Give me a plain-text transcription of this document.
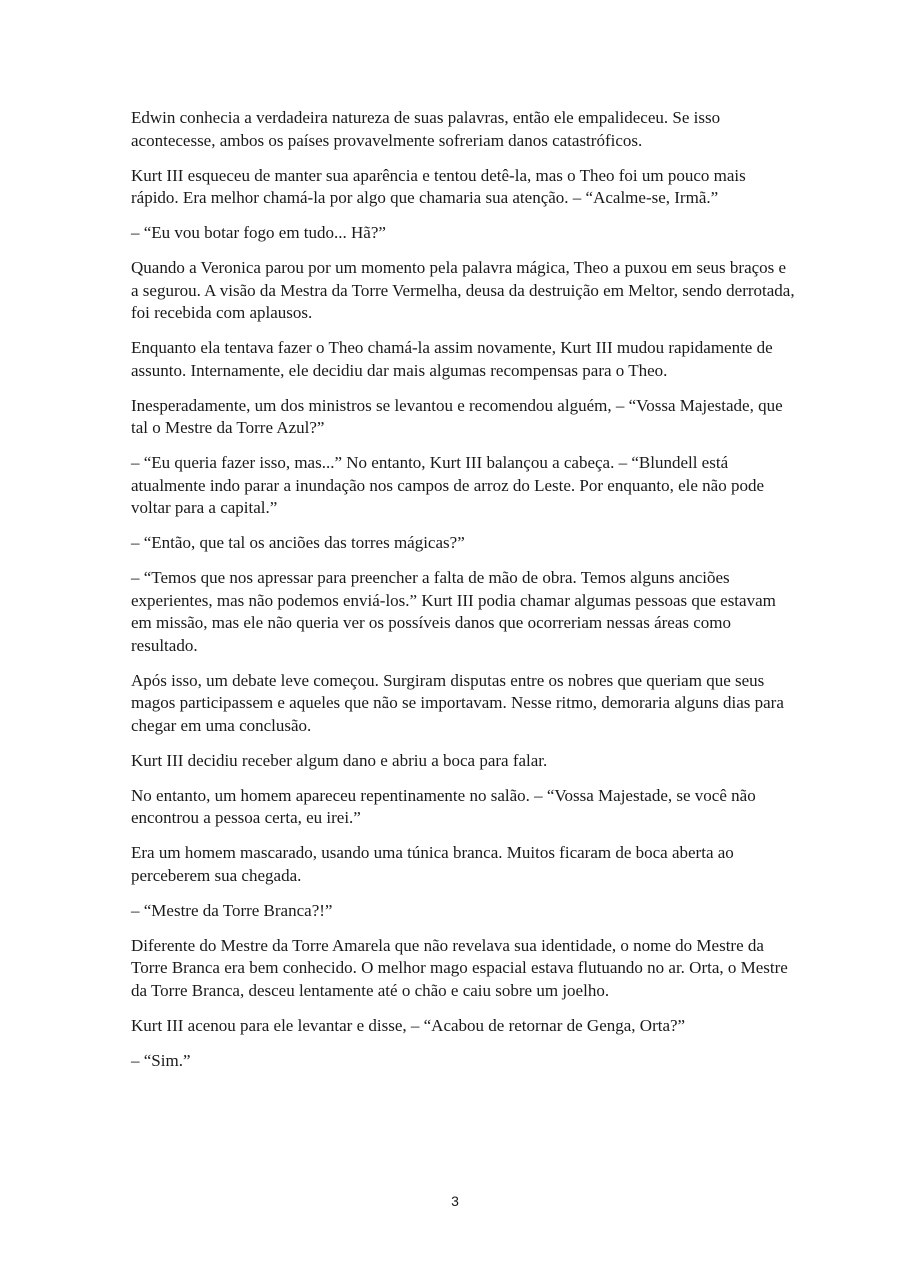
Edwin conhecia a verdadeira natureza de suas palavras, então ele empalideceu. Se isso acontecesse, ambos os países provavelmente sofreriam danos catastróficos.

Kurt III esqueceu de manter sua aparência e tentou detê-la, mas o Theo foi um pouco mais rápido. Era melhor chamá-la por algo que chamaria sua atenção. – “Acalme-se, Irmã.”

– “Eu vou botar fogo em tudo... Hã?”

Quando a Veronica parou por um momento pela palavra mágica, Theo a puxou em seus braços e a segurou. A visão da Mestra da Torre Vermelha, deusa da destruição em Meltor, sendo derrotada, foi recebida com aplausos.

Enquanto ela tentava fazer o Theo chamá-la assim novamente, Kurt III mudou rapidamente de assunto. Internamente, ele decidiu dar mais algumas recompensas para o Theo.

Inesperadamente, um dos ministros se levantou e recomendou alguém, – “Vossa Majestade, que tal o Mestre da Torre Azul?”

– “Eu queria fazer isso, mas...” No entanto, Kurt III balançou a cabeça. – “Blundell está atualmente indo parar a inundação nos campos de arroz do Leste. Por enquanto, ele não pode voltar para a capital.”

– “Então, que tal os anciões das torres mágicas?”

– “Temos que nos apressar para preencher a falta de mão de obra. Temos alguns anciões experientes, mas não podemos enviá-los.” Kurt III podia chamar algumas pessoas que estavam em missão, mas ele não queria ver os possíveis danos que ocorreriam nessas áreas como resultado.

Após isso, um debate leve começou. Surgiram disputas entre os nobres que queriam que seus magos participassem e aqueles que não se importavam. Nesse ritmo, demoraria alguns dias para chegar em uma conclusão.

Kurt III decidiu receber algum dano e abriu a boca para falar.

No entanto, um homem apareceu repentinamente no salão. – “Vossa Majestade, se você não encontrou a pessoa certa, eu irei.”

Era um homem mascarado, usando uma túnica branca. Muitos ficaram de boca aberta ao perceberem sua chegada.

– “Mestre da Torre Branca?!”

Diferente do Mestre da Torre Amarela que não revelava sua identidade, o nome do Mestre da Torre Branca era bem conhecido. O melhor mago espacial estava flutuando no ar. Orta, o Mestre da Torre Branca, desceu lentamente até o chão e caiu sobre um joelho.

Kurt III acenou para ele levantar e disse, – “Acabou de retornar de Genga, Orta?”

– “Sim.”

3
